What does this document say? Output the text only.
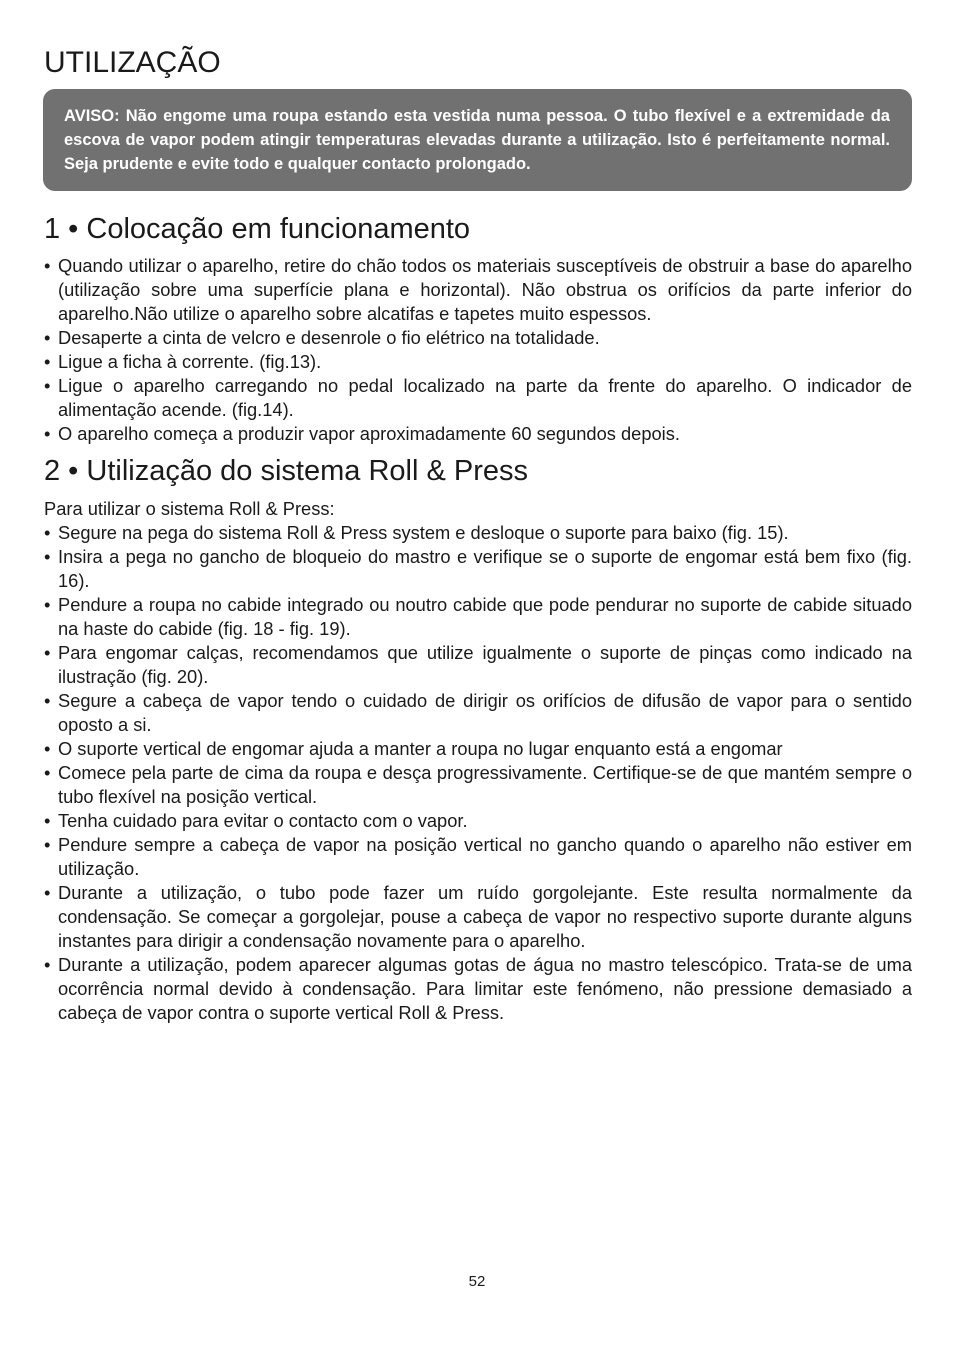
UTILIZAÇÃO

AVISO: Não engome uma roupa estando esta vestida numa pessoa. O tubo flexível e a extremidade da escova de vapor podem atingir temperaturas elevadas durante a utilização. Isto é perfeitamente normal. Seja prudente e evite todo e qualquer contacto prolongado.

1 • Colocação em funcionamento
• Quando utilizar o aparelho, retire do chão todos os materiais susceptíveis de obstruir a base do aparelho (utilização sobre uma superfície plana e horizontal). Não obstrua os orifícios da parte inferior do aparelho.Não utilize o aparelho sobre alcatifas e tapetes muito espessos.
• Desaperte a cinta de velcro e desenrole o fio elétrico na totalidade.
• Ligue a ficha à corrente. (fig.13).
• Ligue o aparelho carregando no pedal localizado na parte da frente do aparelho. O indicador de alimentação acende. (fig.14).
• O aparelho começa a produzir vapor aproximadamente 60 segundos depois.
2 • Utilização do sistema Roll & Press

Para utilizar o sistema Roll & Press:

• Segure na pega do sistema Roll & Press system e desloque o suporte para baixo (fig. 15).
• Insira a pega no gancho de bloqueio do mastro e verifique se o suporte de engomar está bem fixo (fig. 16).
• Pendure a roupa no cabide integrado ou noutro cabide que pode pendurar no suporte de cabide situado na haste do cabide (fig. 18 - fig. 19).
• Para engomar calças, recomendamos que utilize igualmente o suporte de pinças como indicado na ilustração (fig. 20).
• Segure a cabeça de vapor tendo o cuidado de dirigir os orifícios de difusão de vapor para o sentido oposto a si.
• O suporte vertical de engomar ajuda a manter a roupa no lugar enquanto está a engomar
• Comece pela parte de cima da roupa e desça progressivamente. Certifique-se de que mantém sempre o tubo flexível na posição vertical.
• Tenha cuidado para evitar o contacto com o vapor.
• Pendure sempre a cabeça de vapor na posição vertical no gancho quando o aparelho não estiver em utilização.
• Durante a utilização, o tubo pode fazer um ruído gorgolejante. Este resulta normalmente da condensação. Se começar a gorgolejar, pouse a cabeça de vapor no respectivo suporte durante alguns instantes para dirigir a condensação novamente para o aparelho.
• Durante a utilização, podem aparecer algumas gotas de água no mastro telescópico. Trata-se de uma ocorrência normal devido à condensação. Para limitar este fenómeno, não pressione demasiado a cabeça de vapor contra o suporte vertical Roll & Press.
52
